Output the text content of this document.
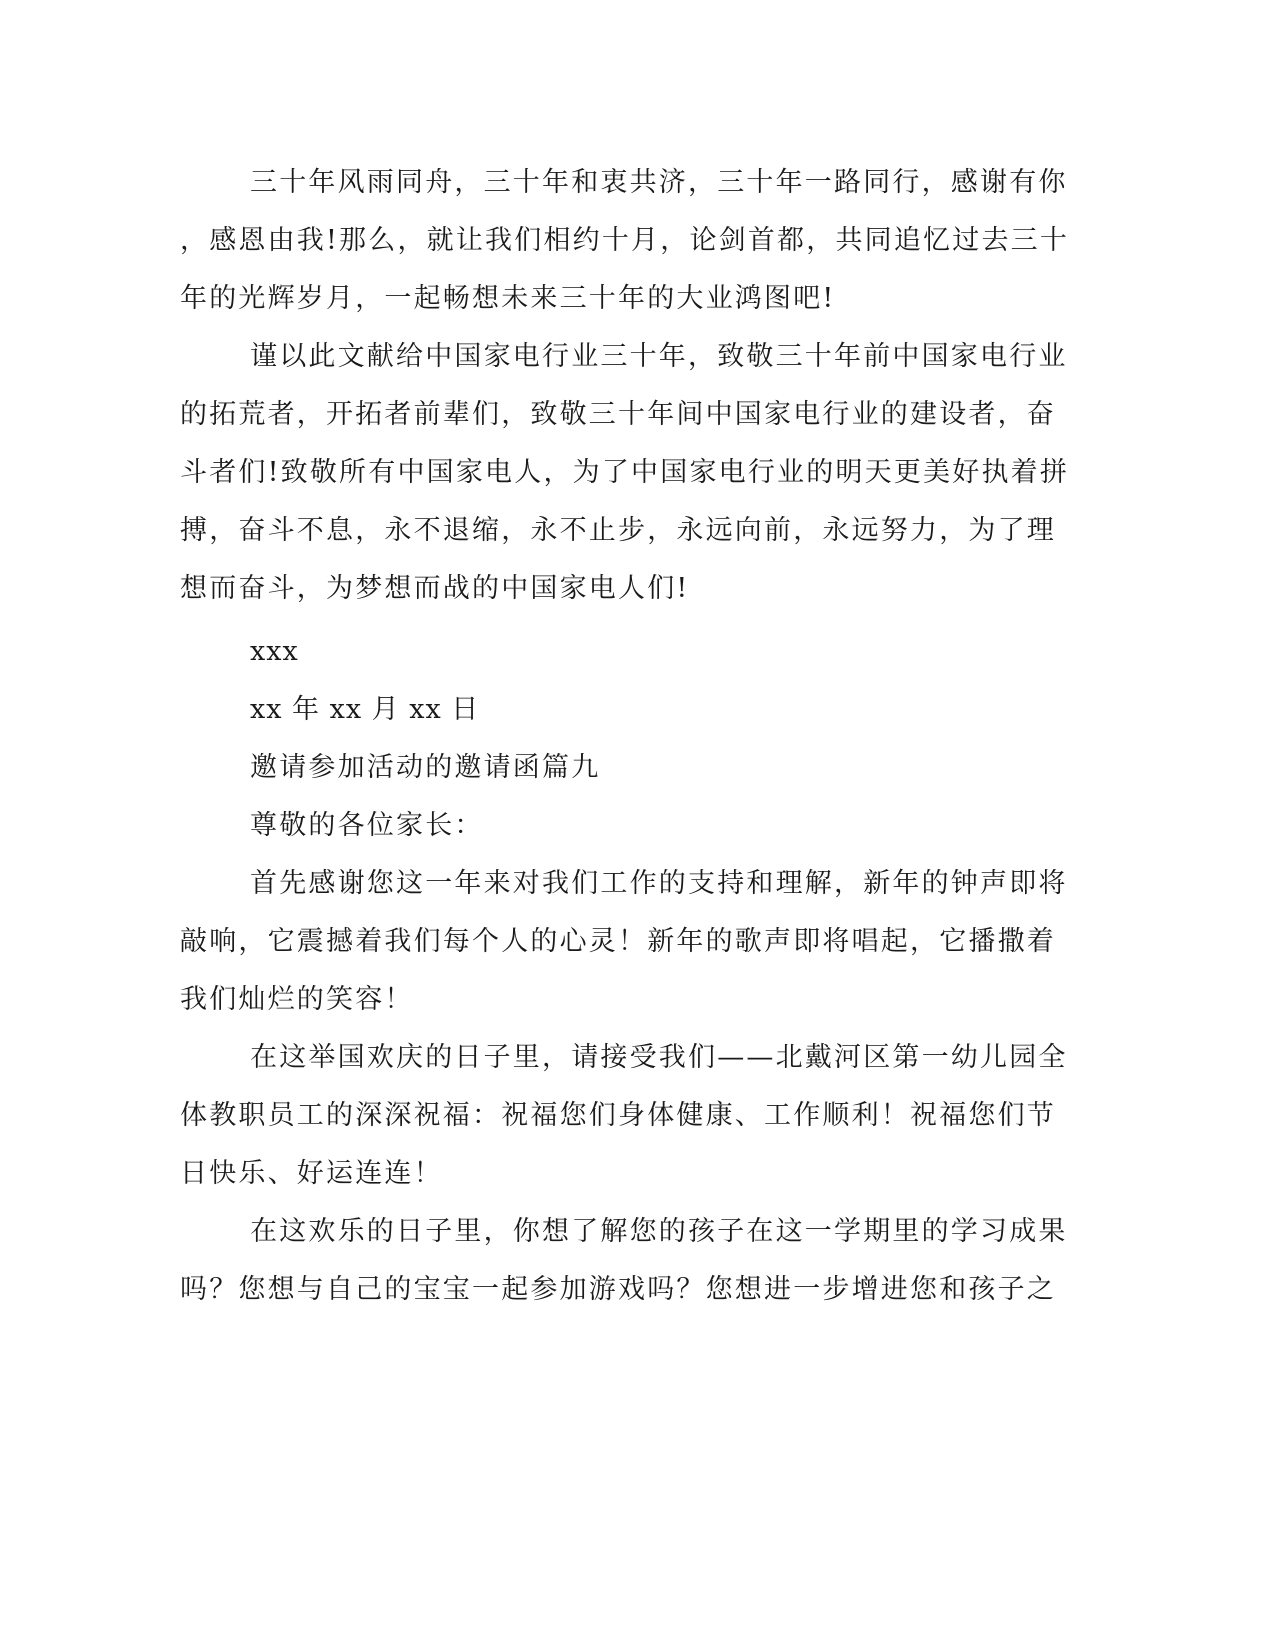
三十年风雨同舟，三十年和衷共济，三十年一路同行，感谢有你
，感恩由我!那么，就让我们相约十月，论剑首都，共同追忆过去三十
年的光辉岁月，一起畅想未来三十年的大业鸿图吧!
谨以此文献给中国家电行业三十年，致敬三十年前中国家电行业
的拓荒者，开拓者前辈们，致敬三十年间中国家电行业的建设者，奋
斗者们!致敬所有中国家电人，为了中国家电行业的明天更美好执着拼
搏，奋斗不息，永不退缩，永不止步，永远向前，永远努力，为了理
想而奋斗，为梦想而战的中国家电人们!
xxx
xx 年 xx 月 xx 日
邀请参加活动的邀请函篇九
尊敬的各位家长：
首先感谢您这一年来对我们工作的支持和理解，新年的钟声即将
敲响，它震撼着我们每个人的心灵！新年的歌声即将唱起，它播撒着
我们灿烂的笑容！
在这举国欢庆的日子里，请接受我们——北戴河区第一幼儿园全
体教职员工的深深祝福：祝福您们身体健康、工作顺利！祝福您们节
日快乐、好运连连！
在这欢乐的日子里，你想了解您的孩子在这一学期里的学习成果
吗？您想与自己的宝宝一起参加游戏吗？您想进一步增进您和孩子之
